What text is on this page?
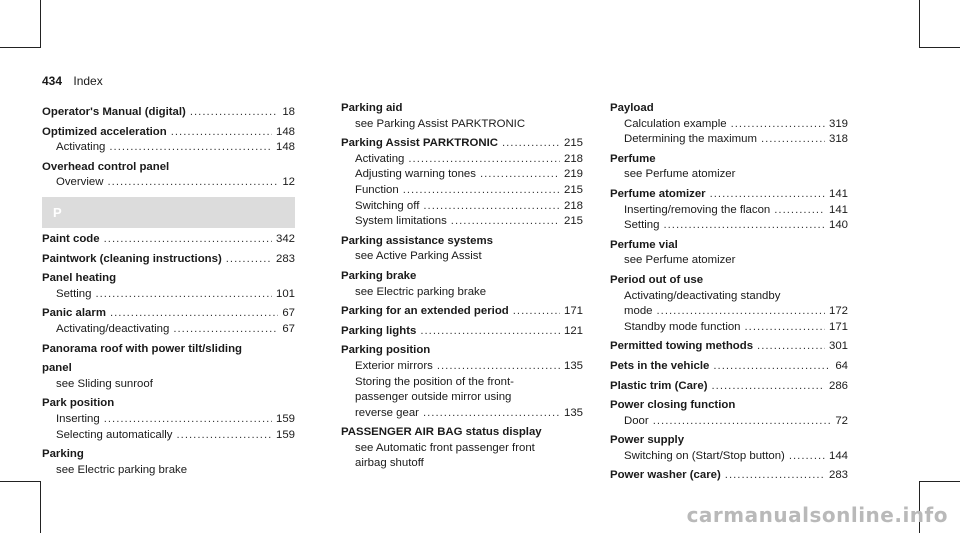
434 Index
Operator's Manual (digital) .....	18
Optimized acceleration .....	148
Activating .....	148
Overhead control panel
Overview .....	12
P
Paint code .....	342
Paintwork (cleaning instructions) .....	283
Panel heating
Setting .....	101
Panic alarm .....	67
Activating/deactivating .....	67
Panorama roof with power tilt/sliding
panel
see Sliding sunroof
Park position
Inserting .....	159
Selecting automatically .....	159
Parking
see Electric parking brake
Parking aid
see Parking Assist PARKTRONIC
Parking Assist PARKTRONIC .....	215
Activating .....	218
Adjusting warning tones .....	219
Function .....	215
Switching off .....	218
System limitations .....	215
Parking assistance systems
see Active Parking Assist
Parking brake
see Electric parking brake
Parking for an extended period .....	171
Parking lights .....	121
Parking position
Exterior mirrors .....	135
Storing the position of the front-
passenger outside mirror using
reverse gear .....	135
PASSENGER AIR BAG status display
see Automatic front passenger front
airbag shutoff
Payload
Calculation example .....	319
Determining the maximum .....	318
Perfume
see Perfume atomizer
Perfume atomizer .....	141
Inserting/removing the flacon .....	141
Setting .....	140
Perfume vial
see Perfume atomizer
Period out of use
Activating/deactivating standby
mode .....	172
Standby mode function .....	171
Permitted towing methods .....	301
Pets in the vehicle .....	64
Plastic trim (Care) .....	286
Power closing function
Door .....	72
Power supply
Switching on (Start/Stop button) .....	144
Power washer (care) .....	283
carmanualsonline.info
